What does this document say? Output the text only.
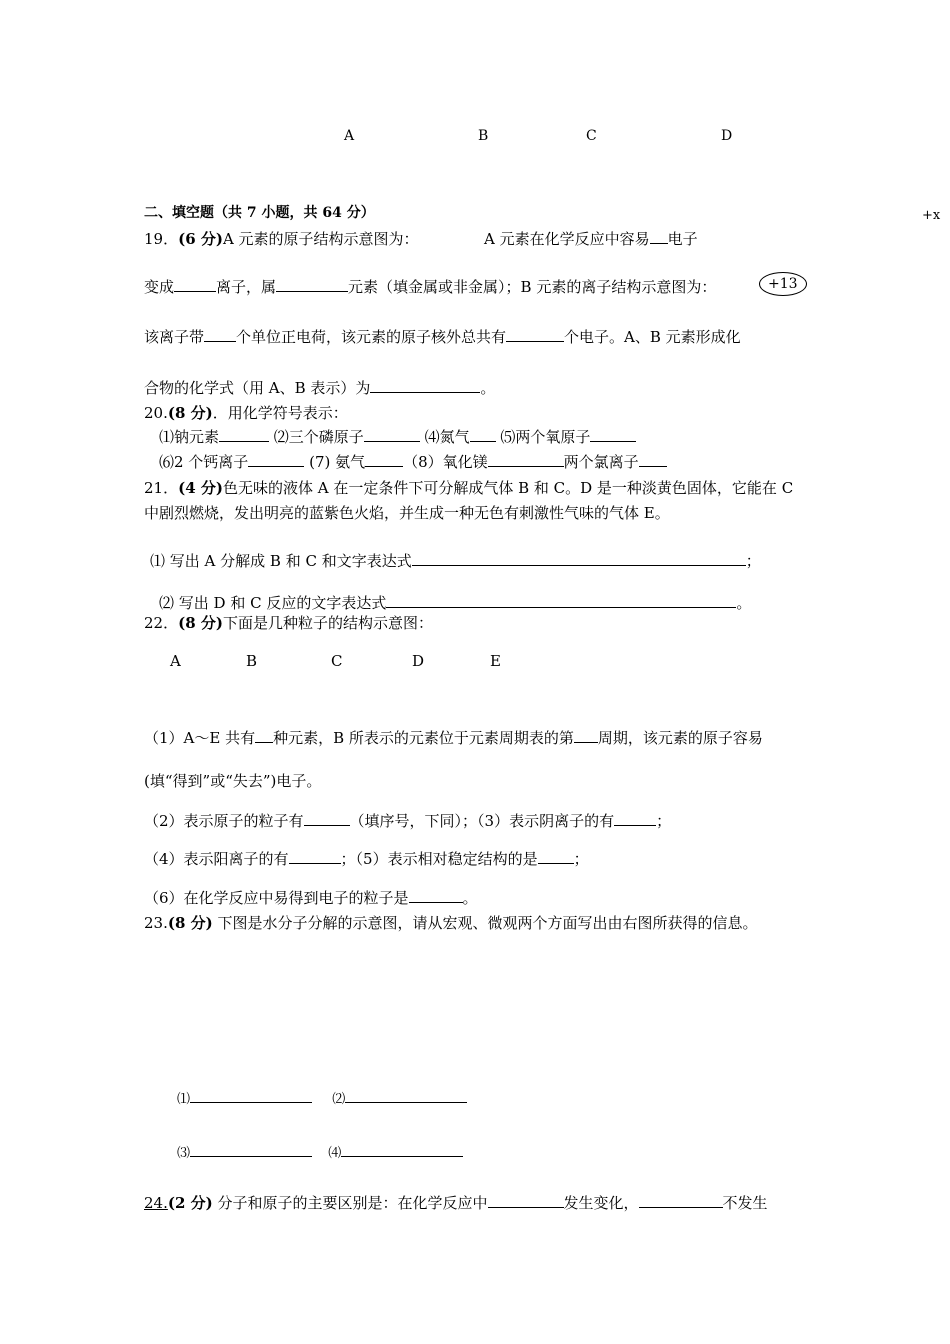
A	B	C	D
+x
二、填空题（共 7 小题，共 64 分）
19．(6 分)A 元素的原子结构示意图为：	A 元素在化学反应中容易 电子
变成	离子，属	元素（填金属或非金属）；B 元素的离子结构示意图为：	+13
该离子带 个单位正电荷，该元素的原子核外总共有	个电子。A、B 元素形成化
合物的化学式（用 A、B 表示）为	。
20.(8 分)．用化学符号表示：
⑴钠元素	⑵三个磷原子	⑷氮气 ⑸两个氧原子
⑹2 个钙离子	(7) 氨气	（8）氧化镁	两个氯离子
21．(4 分)色无味的液体 A 在一定条件下可分解成气体 B 和 C。D 是一种淡黄色固体，它能在 C
中剧烈燃烧，发出明亮的蓝紫色火焰，并生成一种无色有刺激性气味的气体 E。
⑴ 写出 A 分解成 B 和 C 和文字表达式	；
⑵ 写出 D 和 C 反应的文字表达式	。
22．(8 分)下面是几种粒子的结构示意图：
A	B	C	D	E
（1）A～E 共有 种元素，B 所表示的元素位于元素周期表的第 周期，该元素的原子容易
(填“得到”或“失去”)电子。
（2）表示原子的粒子有	（填序号，下同）；（3）表示阴离子的有	；
（4）表示阳离子的有	；（5）表示相对稳定结构的是 ；
（6）在化学反应中易得到电子的粒子是	。
23.(8 分) 下图是水分子分解的示意图，请从宏观、微观两个方面写出由右图所获得的信息。
⑴	⑵
⑶	⑷
24.(2 分) 分子和原子的主要区别是：在化学反应中	发生变化，	不发生
